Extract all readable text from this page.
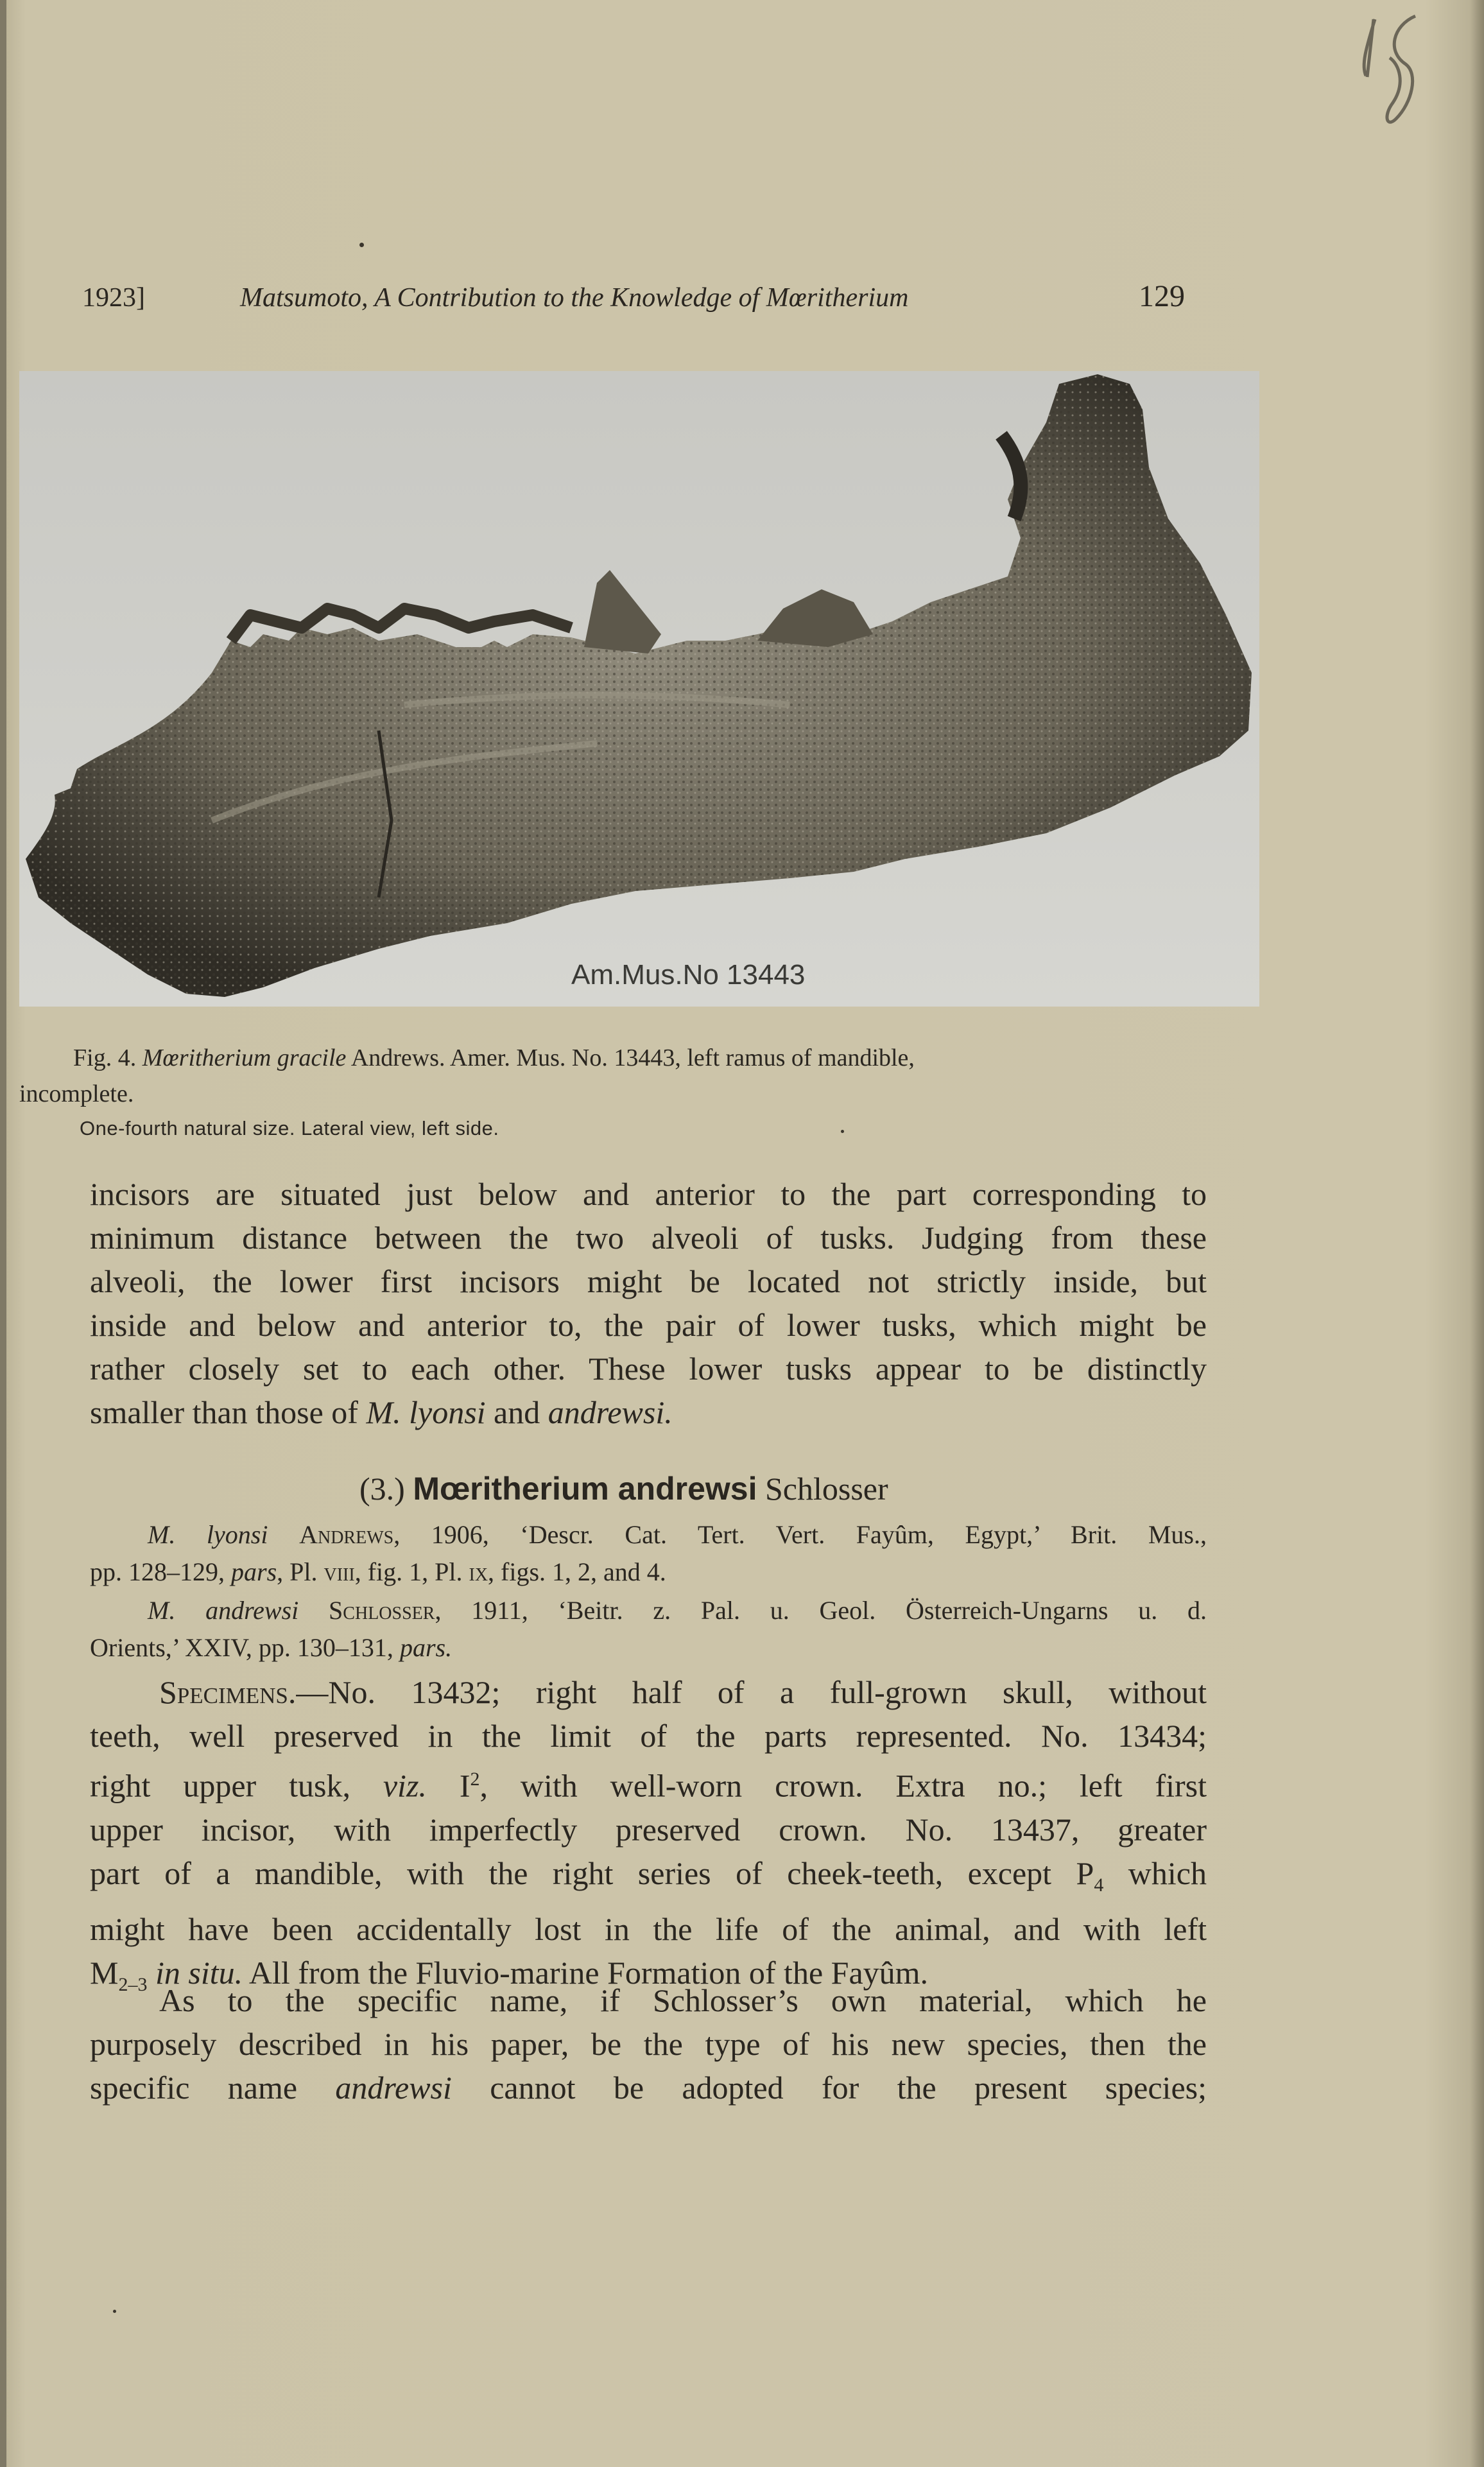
1923]	Matsumoto, A Contribution to the Knowledge of Mœritherium	129
Am.Mus.No 13443
Fig. 4. Mœritherium gracile Andrews. Amer. Mus. No. 13443, left ramus of mandible,
incomplete.
One-fourth natural size. Lateral view, left side.
incisors are situated just below and anterior to the part corresponding to
minimum distance between the two alveoli of tusks. Judging from these
alveoli, the lower first incisors might be located not strictly inside, but
inside and below and anterior to, the pair of lower tusks, which might be
rather closely set to each other. These lower tusks appear to be distinctly
smaller than those of M. lyonsi and andrewsi.
(3.) Mœritherium andrewsi Schlosser
M. lyonsi Andrews, 1906, ‘Descr. Cat. Tert. Vert. Fayûm, Egypt,’ Brit. Mus.,
pp. 128–129, pars, Pl. viii, fig. 1, Pl. ix, figs. 1, 2, and 4.
M. andrewsi Schlosser, 1911, ‘Beitr. z. Pal. u. Geol. Österreich-Ungarns u. d.
Orients,’ XXIV, pp. 130–131, pars.
Specimens.—No. 13432; right half of a full-grown skull, without
teeth, well preserved in the limit of the parts represented. No. 13434;
right upper tusk, viz. $I^2$, with well-worn crown. Extra no.; left first
upper incisor, with imperfectly preserved crown. No. 13437, greater
part of a mandible, with the right series of cheek-teeth, except $P_4$ which
might have been accidentally lost in the life of the animal, and with left
$M_{2-3}$ in situ. All from the Fluvio-marine Formation of the Fayûm.
As to the specific name, if Schlosser’s own material, which he
purposely described in his paper, be the type of his new species, then the
specific name andrewsi cannot be adopted for the present species;
